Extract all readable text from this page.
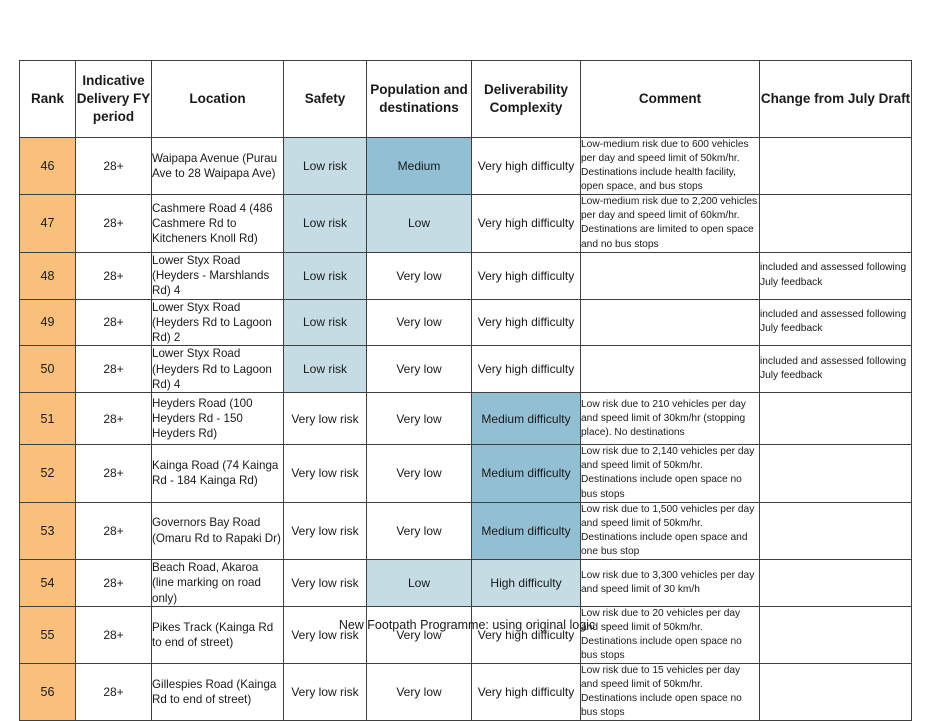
Rank	Indicative Delivery FY period	Location	Safety	Population and destinations	Deliverability Complexity	Comment	Change from July Draft
46	28+	Waipapa Avenue (Purau Ave to 28 Waipapa Ave)	Low risk	Medium	Very high difficulty	Low-medium risk due to 600 vehicles per day and speed limit of 50km/hr. Destinations include health facility, open space, and bus stops	
47	28+	Cashmere Road 4 (486 Cashmere Rd to Kitcheners Knoll Rd)	Low risk	Low	Very high difficulty	Low-medium risk due to 2,200 vehicles per day and speed limit of 60km/hr. Destinations are limited to open space and no bus stops	
48	28+	Lower Styx Road (Heyders - Marshlands Rd) 4	Low risk	Very low	Very high difficulty		included and assessed following July feedback
49	28+	Lower Styx Road (Heyders Rd to Lagoon Rd) 2	Low risk	Very low	Very high difficulty		included and assessed following July feedback
50	28+	Lower Styx Road (Heyders Rd to Lagoon Rd) 4	Low risk	Very low	Very high difficulty		included and assessed following July feedback
51	28+	Heyders Road (100 Heyders Rd - 150 Heyders Rd)	Very low risk	Very low	Medium difficulty	Low risk due to 210 vehicles per day and speed limit of 30km/hr (stopping place). No destinations	
52	28+	Kainga Road (74 Kainga Rd - 184 Kainga Rd)	Very low risk	Very low	Medium difficulty	Low risk due to 2,140 vehicles per day and speed limit of 50km/hr. Destinations include open space no bus stops	
53	28+	Governors Bay Road (Omaru Rd to Rapaki Dr)	Very low risk	Very low	Medium difficulty	Low risk due to 1,500 vehicles per day and speed limit of 50km/hr. Destinations include open space and one bus stop	
54	28+	Beach Road, Akaroa (line marking on road only)	Very low risk	Low	High difficulty	Low risk due to 3,300 vehicles per day and speed limit of 30 km/h	
55	28+	Pikes Track (Kainga Rd to end of street)	Very low risk	Very low	Very high difficulty	Low risk due to 20 vehicles per day and speed limit of 50km/hr. Destinations include open space no bus stops	
56	28+	Gillespies Road (Kainga Rd to end of street)	Very low risk	Very low	Very high difficulty	Low risk due to 15 vehicles per day and speed limit of 50km/hr. Destinations include open space no bus stops	
New Footpath Programme: using original logic
